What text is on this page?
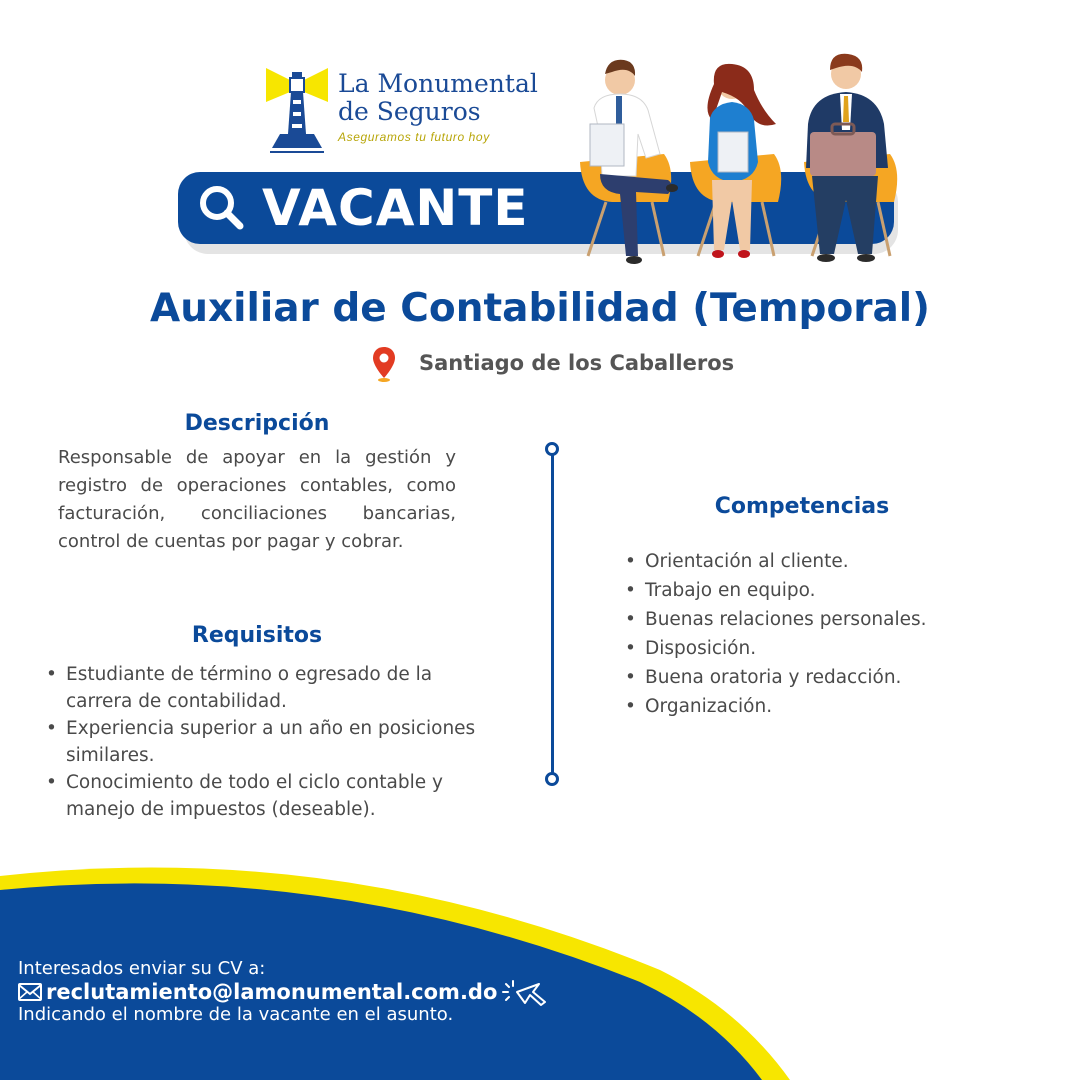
La Monumental
de Seguros
Aseguramos tu futuro hoy
VACANTE
Auxiliar de Contabilidad (Temporal)
Santiago de los Caballeros
Descripción
Responsable de apoyar en la gestión y registro de operaciones contables, como facturación, conciliaciones bancarias, control de cuentas por pagar y cobrar.
Requisitos
• Estudiante de término o egresado de la carrera de contabilidad.
• Experiencia superior a un año en posiciones similares.
• Conocimiento de todo el ciclo contable y manejo de impuestos (deseable).
Competencias
• Orientación al cliente.
• Trabajo en equipo.
• Buenas relaciones personales.
• Disposición.
• Buena oratoria y redacción.
• Organización.
Interesados enviar su CV a:
reclutamiento@lamonumental.com.do
Indicando el nombre de la vacante en el asunto.
